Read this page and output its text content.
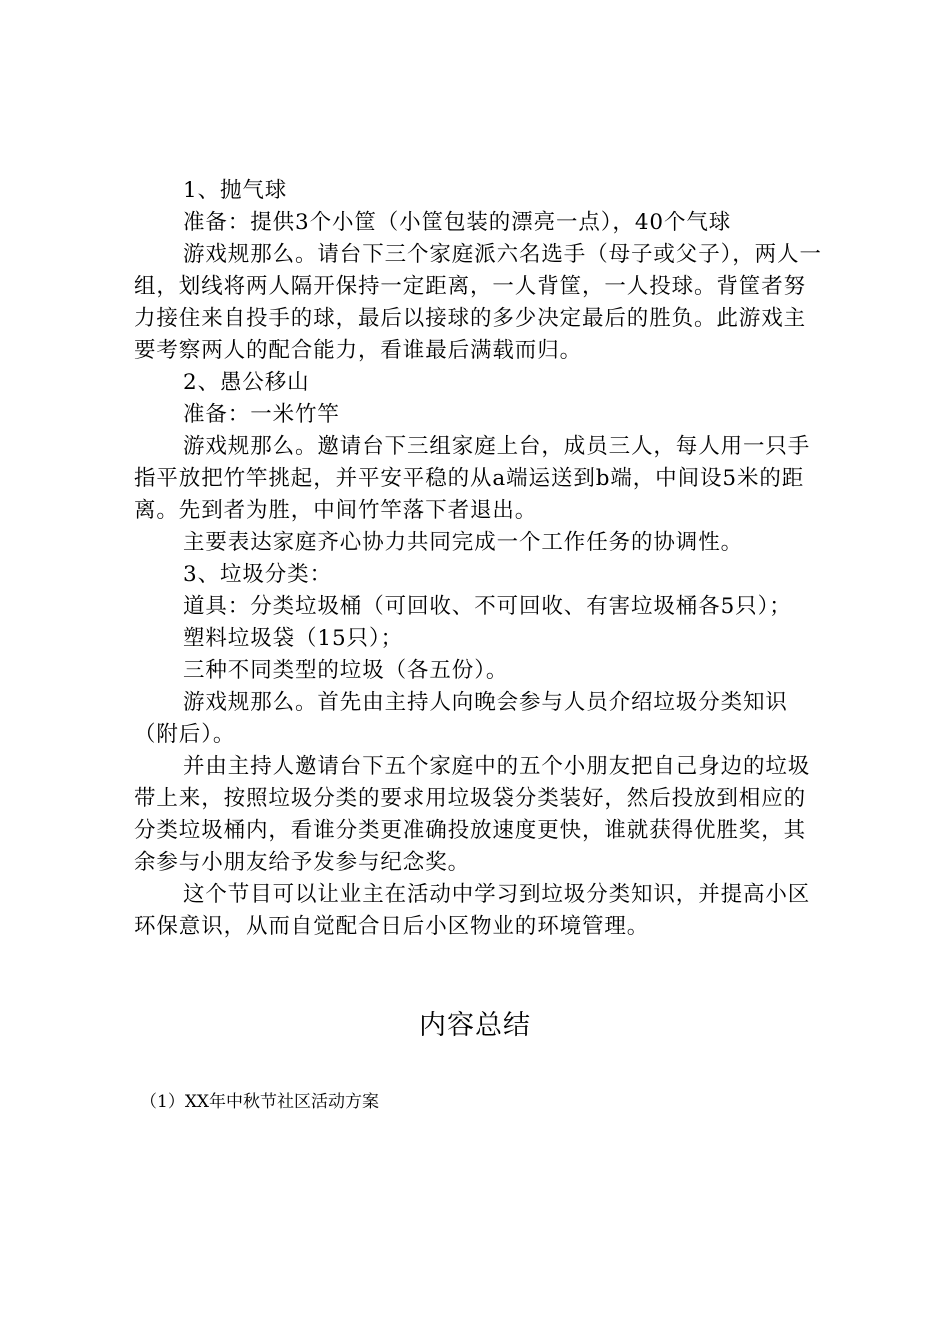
1、抛气球

准备：提供3个小筐（小筐包装的漂亮一点），40个气球

游戏规那么。请台下三个家庭派六名选手（母子或父子），两人一组，划线将两人隔开保持一定距离，一人背筐，一人投球。背筐者努力接住来自投手的球，最后以接球的多少决定最后的胜负。此游戏主要考察两人的配合能力，看谁最后满载而归。

2、愚公移山

准备：一米竹竿

游戏规那么。邀请台下三组家庭上台，成员三人，每人用一只手指平放把竹竿挑起，并平安平稳的从a端运送到b端，中间设5米的距离。先到者为胜，中间竹竿落下者退出。

主要表达家庭齐心协力共同完成一个工作任务的协调性。

3、垃圾分类：

道具：分类垃圾桶（可回收、不可回收、有害垃圾桶各5只）；

塑料垃圾袋（15只）；

三种不同类型的垃圾（各五份）。

游戏规那么。首先由主持人向晚会参与人员介绍垃圾分类知识（附后）。

并由主持人邀请台下五个家庭中的五个小朋友把自己身边的垃圾带上来，按照垃圾分类的要求用垃圾袋分类装好，然后投放到相应的分类垃圾桶内，看谁分类更准确投放速度更快，谁就获得优胜奖，其余参与小朋友给予发参与纪念奖。

这个节目可以让业主在活动中学习到垃圾分类知识，并提高小区环保意识，从而自觉配合日后小区物业的环境管理。

内容总结

（1）XX年中秋节社区活动方案
